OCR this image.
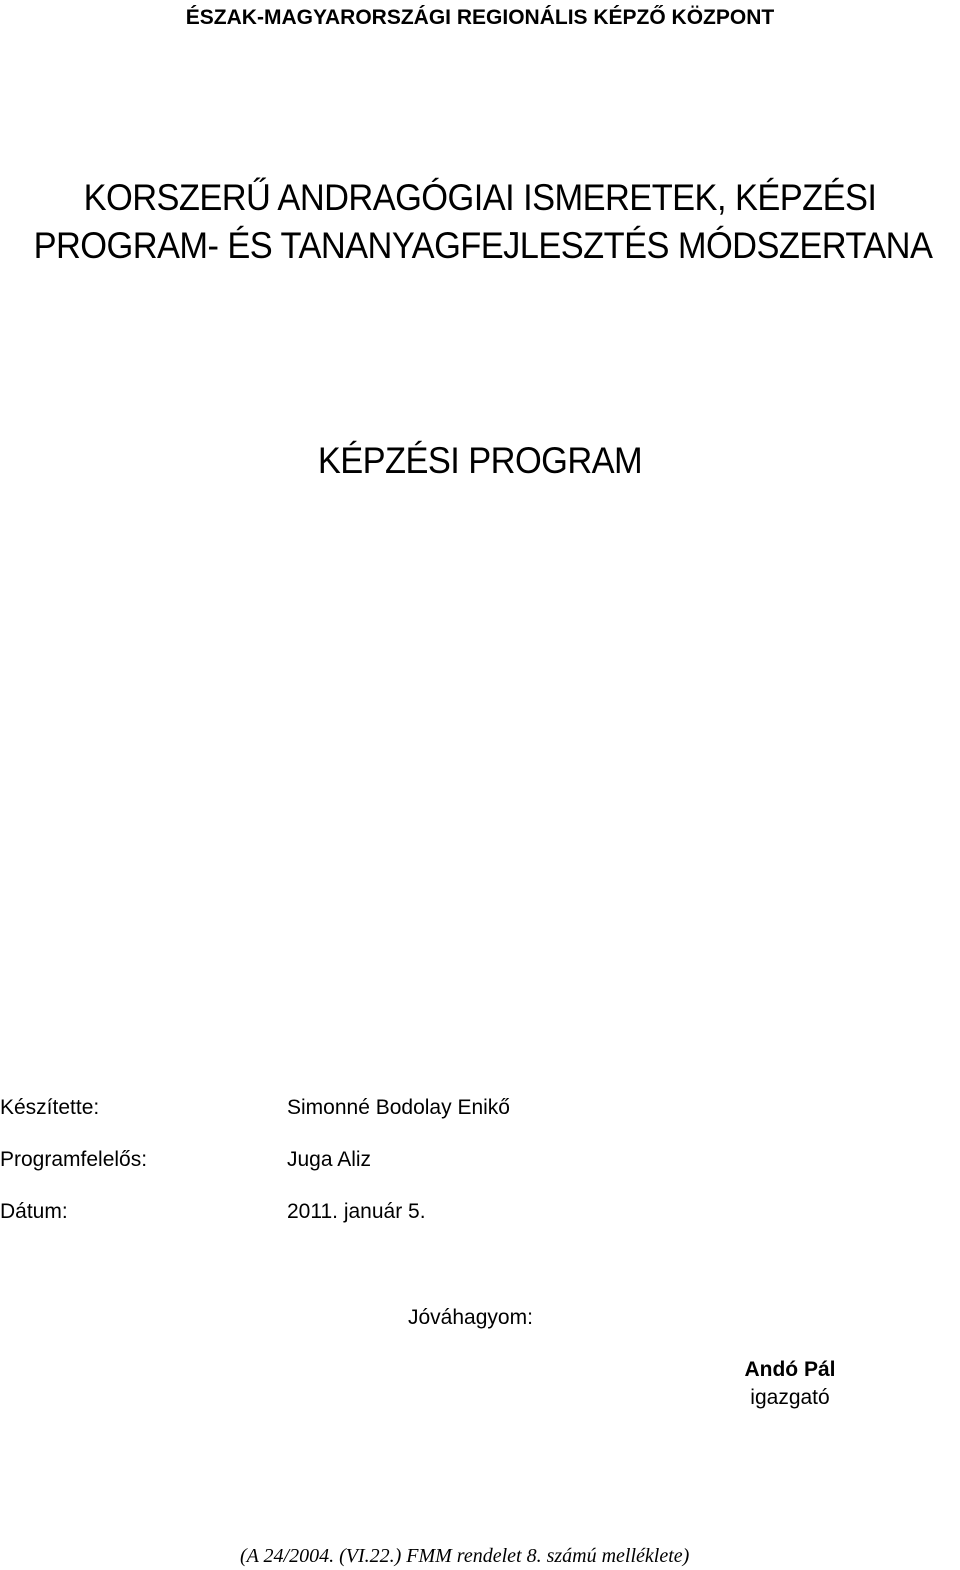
ÉSZAK-MAGYARORSZÁGI REGIONÁLIS KÉPZŐ KÖZPONT
KORSZERŰ ANDRAGÓGIAI ISMERETEK, KÉPZÉSI
PROGRAM- ÉS TANANYAGFEJLESZTÉS MÓDSZERTANA
KÉPZÉSI PROGRAM
Készítette:	Simonné Bodolay Enikő
Programfelelős:	Juga Aliz
Dátum:	2011. január 5.
Jóváhagyom:
Andó Pál
igazgató
(A 24/2004. (VI.22.) FMM rendelet 8. számú melléklete)
